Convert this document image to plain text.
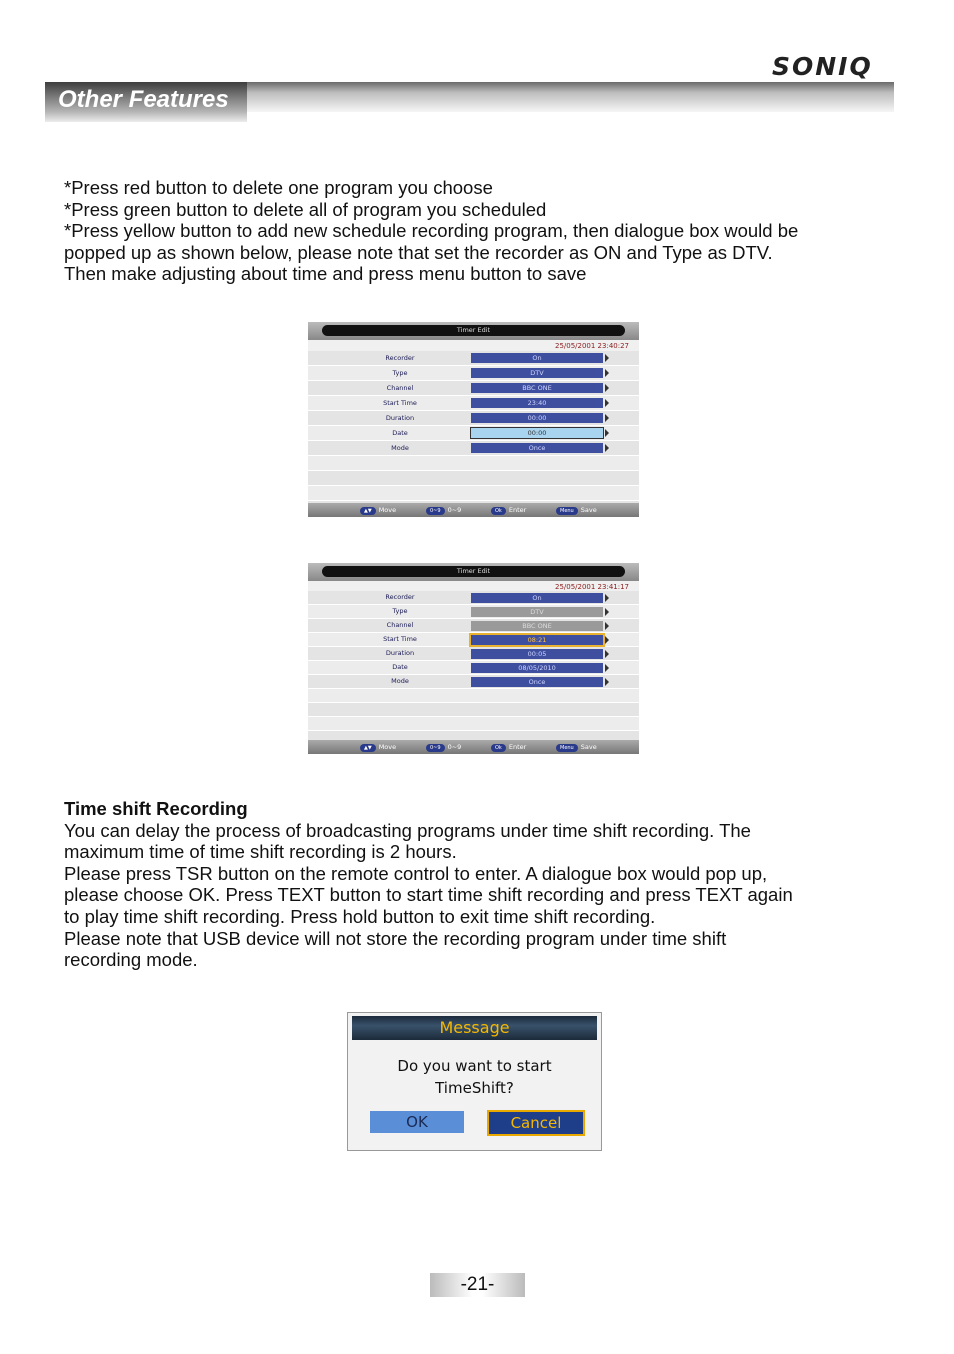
SONIQ
Other Features
*Press red button to delete one program you choose
*Press green button to delete all of program you scheduled
*Press yellow button to add new schedule recording program, then dialogue box would be
popped up as shown below, please note that set the recorder as ON and Type as DTV.
Then make adjusting about time and press menu button to save
Timer Edit
25/05/2001 23:40:27
Recorder	On
Type	DTV
Channel	BBC ONE
Start Time	23:40
Duration	00:00
Date	00:00
Mode	Once
▲▼ Move	0~9 0~9	Ok Enter	Menu Save
Timer Edit
25/05/2001 23:41:17
Recorder	On
Type	DTV
Channel	BBC ONE
Start Time	08:21
Duration	00:05
Date	08/05/2010
Mode	Once
▲▼ Move	0~9 0~9	Ok Enter	Menu Save
Time shift Recording
You can delay the process of broadcasting programs under time shift recording. The
maximum time of time shift recording is 2 hours.
Please press TSR button on the remote control to enter. A dialogue box would pop up,
please choose OK. Press TEXT button to start time shift recording and press TEXT again
to play time shift recording. Press hold button to exit time shift recording.
Please note that USB device will not store the recording program under time shift
recording mode.
Message
Do you want to start
TimeShift?
OK	Cancel
-21-
